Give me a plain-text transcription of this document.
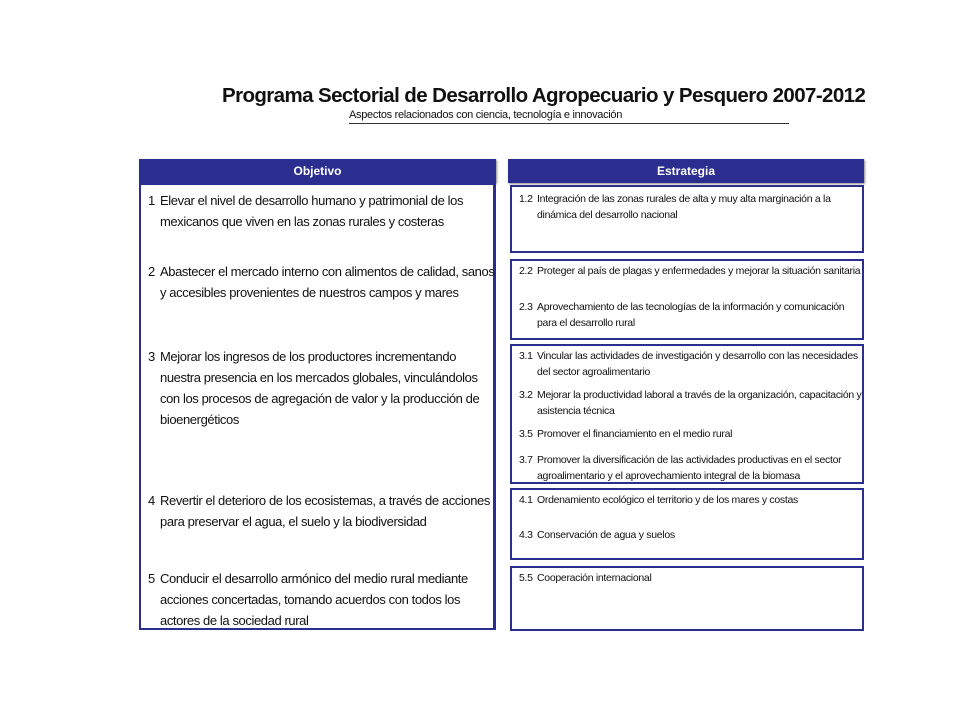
Programa Sectorial de Desarrollo Agropecuario y Pesquero 2007-2012
Aspectos relacionados con ciencia, tecnología e innovación
Objetivo	Estrategia
1 Elevar el nivel de desarrollo humano y patrimonial de los mexicanos que viven en las zonas rurales y costeras
2 Abastecer el mercado interno con alimentos de calidad, sanos y accesibles provenientes de nuestros campos y mares
3 Mejorar los ingresos de los productores incrementando nuestra presencia en los mercados globales, vinculándolos con los procesos de agregación de valor y la producción de bioenergéticos
4 Revertir el deterioro de los ecosistemas, a través de acciones para preservar el agua, el suelo y la biodiversidad
5 Conducir el desarrollo armónico del medio rural mediante acciones concertadas, tomando acuerdos con todos los actores de la sociedad rural
1.2 Integración de las zonas rurales de alta y muy alta marginación a la dinámica del desarrollo nacional
2.2 Proteger al país de plagas y enfermedades y mejorar la situación sanitaria
2.3 Aprovechamiento de las tecnologías de la información y comunicación para el desarrollo rural
3.1 Vincular las actividades de investigación y desarrollo con las necesidades del sector agroalimentario
3.2 Mejorar la productividad laboral a través de la organización, capacitación y asistencia técnica
3.5 Promover el financiamiento en el medio rural
3.7 Promover la diversificación de las actividades productivas en el sector agroalimentario y el aprovechamiento integral de la biomasa
4.1 Ordenamiento ecológico el territorio y de los mares y costas
4.3 Conservación de agua y suelos
5.5 Cooperación internacional
